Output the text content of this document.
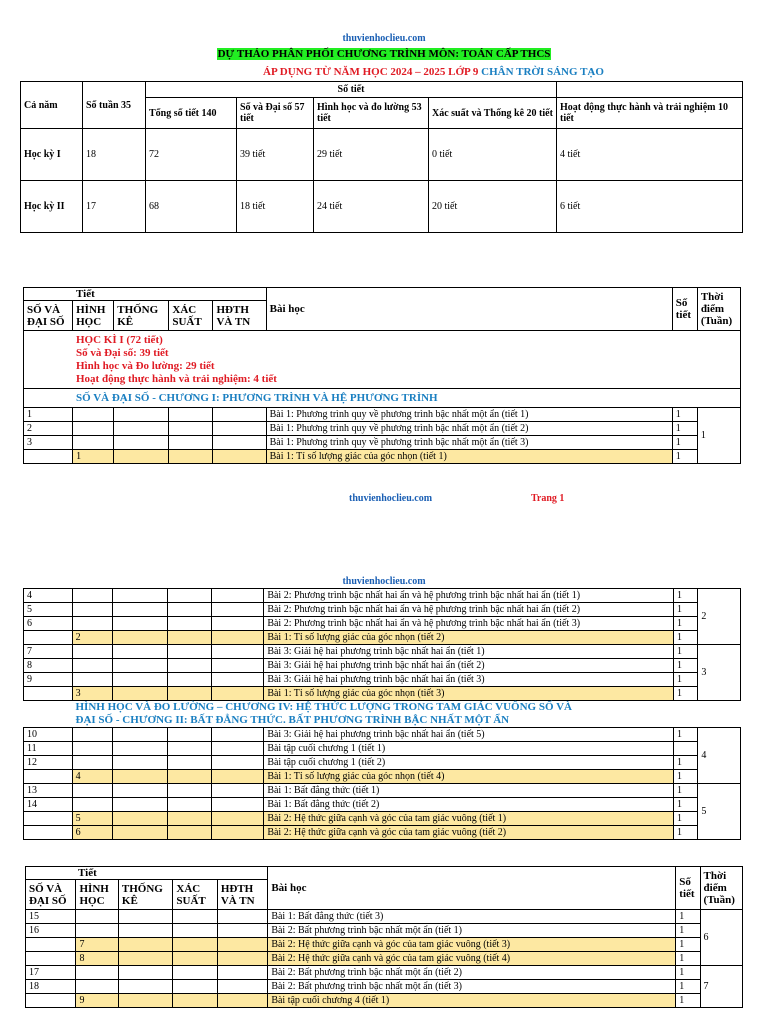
thuvienhoclieu.com
DỰ THẢO PHÂN PHỐI CHƯƠNG TRÌNH MÔN: TOÁN CẤP THCS
ÁP DỤNG TỪ NĂM HỌC 2024 – 2025 LỚP 9 CHÂN TRỜI SÁNG TẠO
Cả năm	Số tuần 35	Số tiết				
		Tổng số tiết 140	Số và Đại số 57 tiết	Hình học và đo lường 53 tiết	Xác suất và Thống kê 20 tiết	Hoạt động thực hành và trải nghiệm 10 tiết
Học kỳ I	18	72	39 tiết	29 tiết	0 tiết	4 tiết
Học kỳ II	17	68	18 tiết	24 tiết	20 tiết	6 tiết
Tiết					Bài học	Số tiết	Thời điểm (Tuần)
SỐ VÀ ĐẠI SỐ	HÌNH HỌC	THỐNG KÊ	XÁC SUẤT	HĐTH VÀ TN			

HỌC KÌ I (72 tiết)
Số và Đại số: 39 tiết
Hình học và Đo lường: 29 tiết
Hoạt động thực hành và trải nghiệm: 4 tiết							

SỐ VÀ ĐẠI SỐ - CHƯƠNG I: PHƯƠNG TRÌNH VÀ HỆ PHƯƠNG TRÌNH							
1					Bài 1: Phương trình quy về phương trình bậc nhất một ẩn (tiết 1)	1	1
2					Bài 1: Phương trình quy về phương trình bậc nhất một ẩn (tiết 2)	1	
3					Bài 1: Phương trình quy về phương trình bậc nhất một ẩn (tiết 3)	1	
	1				Bài 1: Tỉ số lượng giác của góc nhọn (tiết 1)	1	
thuvienhoclieu.com	Trang 1
thuvienhoclieu.com
4					Bài 2: Phương trình bậc nhất hai ẩn và hệ phương trình bậc nhất hai ẩn (tiết 1)	1	2
5					Bài 2: Phương trình bậc nhất hai ẩn và hệ phương trình bậc nhất hai ẩn (tiết 2)	1	
6					Bài 2: Phương trình bậc nhất hai ẩn và hệ phương trình bậc nhất hai ẩn (tiết 3)	1	
	2				Bài 1: Tỉ số lượng giác của góc nhọn (tiết 2)	1	
7					Bài 3: Giải hệ hai phương trình bậc nhất hai ẩn (tiết 1)	1	3
8					Bài 3: Giải hệ hai phương trình bậc nhất hai ẩn (tiết 2)	1	
9					Bài 3: Giải hệ hai phương trình bậc nhất hai ẩn (tiết 3)	1	
	3				Bài 1: Tỉ số lượng giác của góc nhọn (tiết 3)	1	

HÌNH HỌC VÀ ĐO LƯỜNG – CHƯƠNG IV: HỆ THỨC LƯỢNG TRONG TAM GIÁC VUÔNG SỐ VÀ
ĐẠI SỐ - CHƯƠNG II: BẤT ĐẲNG THỨC. BẤT PHƯƠNG TRÌNH BẬC NHẤT MỘT ẨN							

10					Bài 3: Giải hệ hai phương trình bậc nhất hai ẩn (tiết 5)	1	4
11					Bài tập cuối chương 1 (tiết 1)		
12					Bài tập cuối chương 1 (tiết 2)	1	
	4				Bài 1: Tỉ số lượng giác của góc nhọn (tiết 4)	1	
13					Bài 1: Bất đẳng thức (tiết 1)	1	5
14					Bài 1: Bất đẳng thức (tiết 2)	1	
	5				Bài 2: Hệ thức giữa cạnh và góc của tam giác vuông (tiết 1)	1	
	6				Bài 2: Hệ thức giữa cạnh và góc của tam giác vuông (tiết 2)	1	
Tiết					Bài học	Số tiết	Thời điểm (Tuần)
SỐ VÀ ĐẠI SỐ	HÌNH HỌC	THỐNG KÊ	XÁC SUẤT	HĐTH VÀ TN			
15					Bài 1: Bất đẳng thức (tiết 3)	1	6
16					Bài 2: Bất phương trình bậc nhất một ẩn (tiết 1)	1	
	7				Bài 2: Hệ thức giữa cạnh và góc của tam giác vuông (tiết 3)	1	
	8				Bài 2: Hệ thức giữa cạnh và góc của tam giác vuông (tiết 4)	1	
17					Bài 2: Bất phương trình bậc nhất một ẩn (tiết 2)	1	7
18					Bài 2: Bất phương trình bậc nhất một ẩn (tiết 3)	1	
	9				Bài tập cuối chương 4 (tiết 1)	1	
